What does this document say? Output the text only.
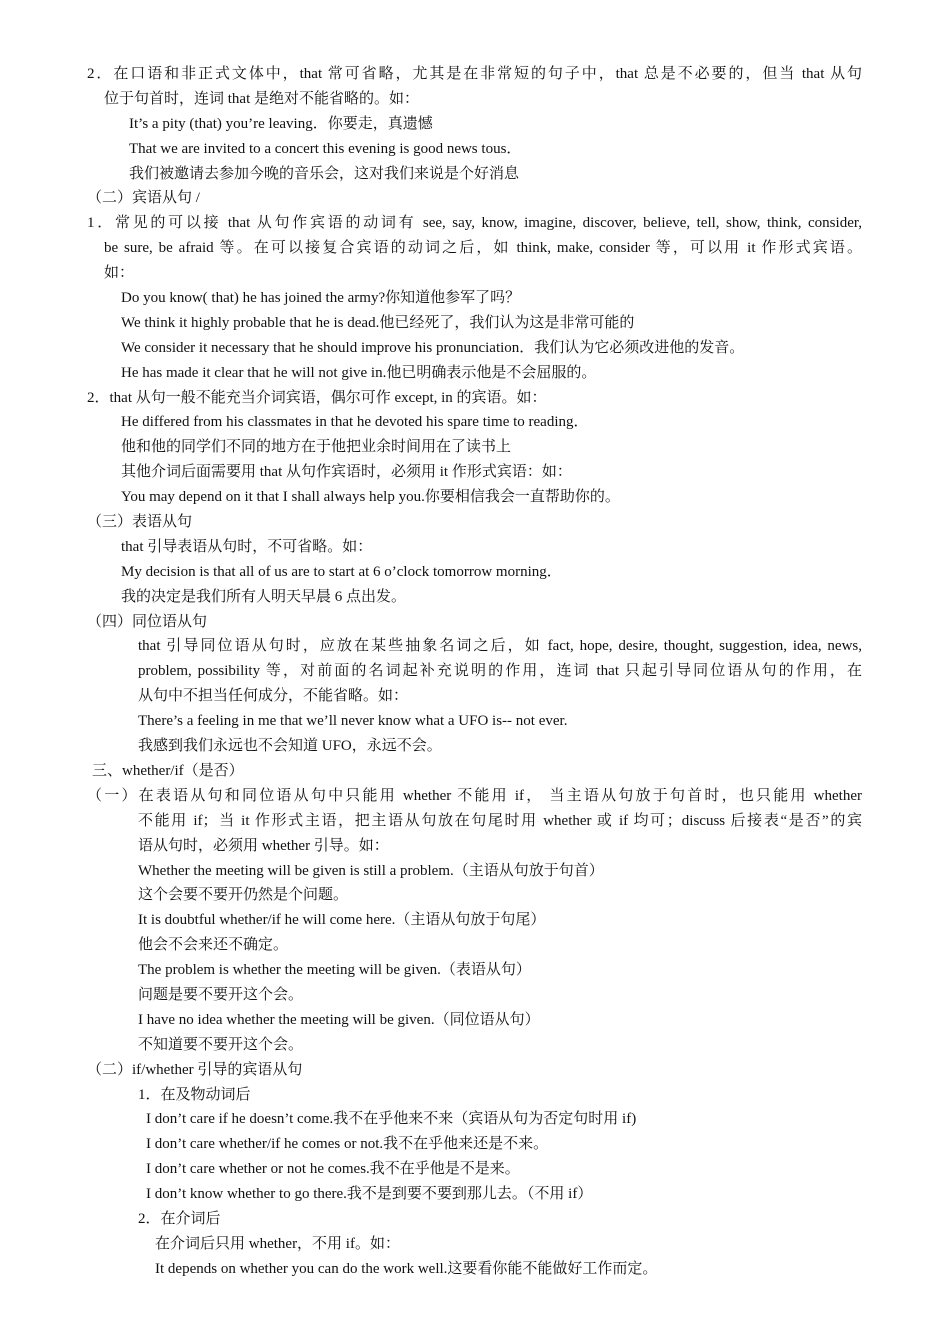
2．在口语和非正式文体中，that 常可省略，尤其是在非常短的句子中，that 总是不必要的，但当 that 从句
位于句首时，连词 that 是绝对不能省略的。如：
It’s a pity (that) you’re leaving．你要走，真遗憾
That we are invited to a concert this evening is good news tous．
我们被邀请去参加今晚的音乐会，这对我们来说是个好消息
（二）宾语从句 /
1．常见的可以接 that 从句作宾语的动词有 see, say, know, imagine, discover, believe, tell, show, think, consider,
be sure, be afraid 等。在可以接复合宾语的动词之后，如 think, make, consider 等，可以用 it 作形式宾语。
如：
Do you know( that) he has joined the army?你知道他参军了吗？
We think it highly probable that he is dead.他已经死了，我们认为这是非常可能的
We consider it necessary that he should improve his pronunciation．我们认为它必须改进他的发音。
He has made it clear that he will not give in.他已明确表示他是不会屈服的。
2．that 从句一般不能充当介词宾语，偶尔可作 except, in 的宾语。如：
He differed from his classmates in that he devoted his spare time to reading．
他和他的同学们不同的地方在于他把业余时间用在了读书上
其他介词后面需要用 that 从句作宾语时，必须用 it 作形式宾语：如：
You may depend on it that I shall always help you.你要相信我会一直帮助你的。
（三）表语从句
that 引导表语从句时，不可省略。如：
My decision is that all of us are to start at 6 o’clock tomorrow morning．
我的决定是我们所有人明天早晨 6 点出发。
（四）同位语从句
that 引导同位语从句时，应放在某些抽象名词之后，如 fact, hope, desire, thought, suggestion, idea, news,
problem, possibility 等，对前面的名词起补充说明的作用，连词 that 只起引导同位语从句的作用，在
从句中不担当任何成分，不能省略。如：
There’s a feeling in me that we’ll never know what a UFO is-- not ever.
我感到我们永远也不会知道 UFO，永远不会。
三、whether/if（是否）
（一）在表语从句和同位语从句中只能用 whether 不能用 if， 当主语从句放于句首时，也只能用 whether
不能用 if；当 it 作形式主语，把主语从句放在句尾时用 whether 或 if 均可；discuss 后接表“是否”的宾
语从句时，必须用 whether 引导。如：
Whether the meeting will be given is still a problem.（主语从句放于句首）
这个会要不要开仍然是个问题。
It is doubtful whether/if he will come here.（主语从句放于句尾）
他会不会来还不确定。
The problem is whether the meeting will be given.（表语从句）
问题是要不要开这个会。
I have no idea whether the meeting will be given.（同位语从句）
不知道要不要开这个会。
（二）if/whether 引导的宾语从句
1．在及物动词后
I don’t care if he doesn’t come.我不在乎他来不来（宾语从句为否定句时用 if)
I don’t care whether/if he comes or not.我不在乎他来还是不来。
I don’t care whether or not he comes.我不在乎他是不是来。
I don’t know whether to go there.我不是到要不要到那儿去。（不用 if）
2．在介词后
在介词后只用 whether，不用 if。如：
It depends on whether you can do the work well.这要看你能不能做好工作而定。
